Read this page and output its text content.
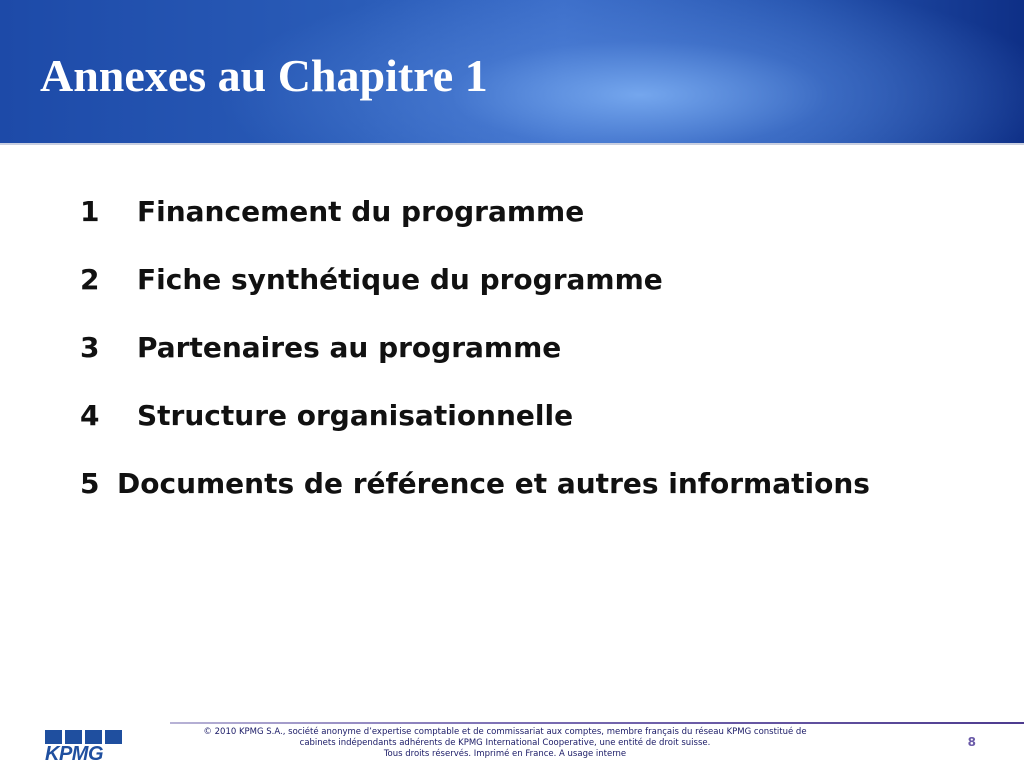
Annexes au Chapitre 1
1	Financement du programme
2	Fiche synthétique du programme
3	Partenaires au programme
4	Structure organisationnelle
5 Documents de référence et autres informations
KPMG
© 2010 KPMG S.A., société anonyme d’expertise comptable et de commissariat aux comptes, membre français du réseau KPMG constitué de
cabinets indépendants adhérents de KPMG International Cooperative, une entité de droit suisse.
Tous droits réservés. Imprimé en France. A usage interne
8
